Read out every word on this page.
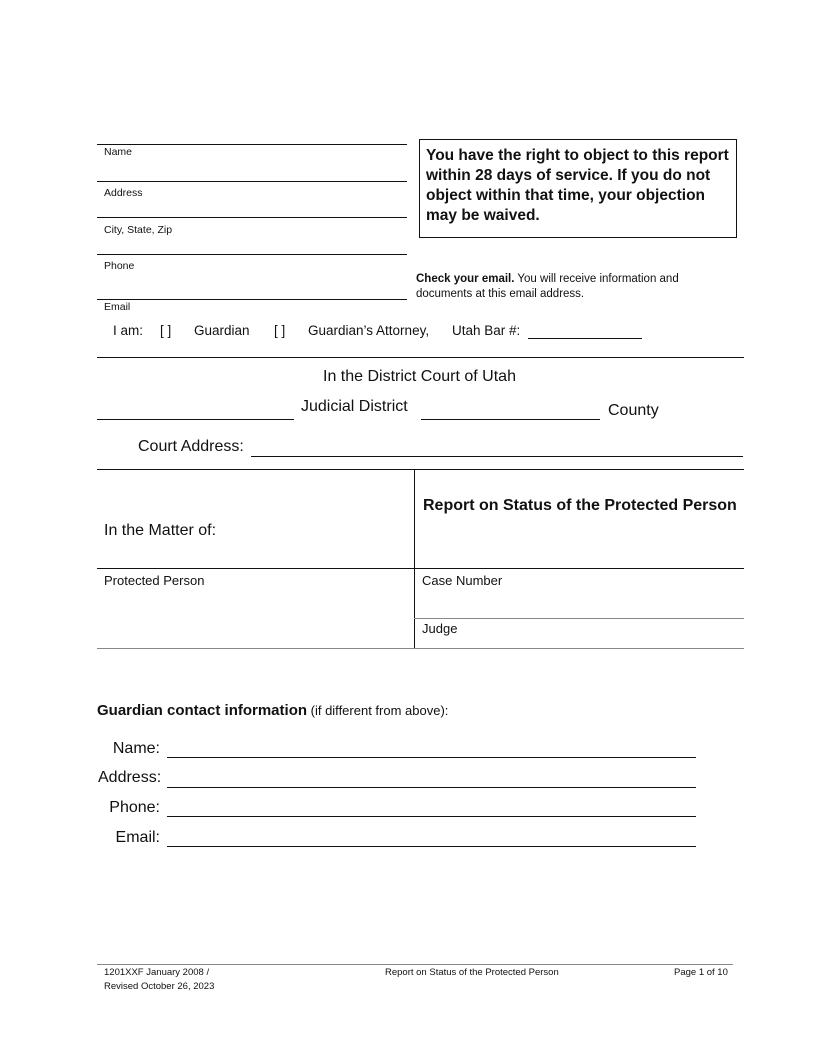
Name
Address
City, State, Zip
Phone
Email
You have the right to object to this report within 28 days of service. If you do not object within that time, your objection may be waived.
Check your email. You will receive information and documents at this email address.
I am: [ ] Guardian [ ] Guardian’s Attorney, Utah Bar #:
In the District Court of Utah
Judicial District	County
Court Address:
In the Matter of:
Report on Status of the Protected Person
Protected Person	Case Number
Judge
Guardian contact information (if different from above):
Name:
Address:
Phone:
Email:
1201XXF January 2008 /
Revised October 26, 2023
Report on Status of the Protected Person	Page 1 of 10
